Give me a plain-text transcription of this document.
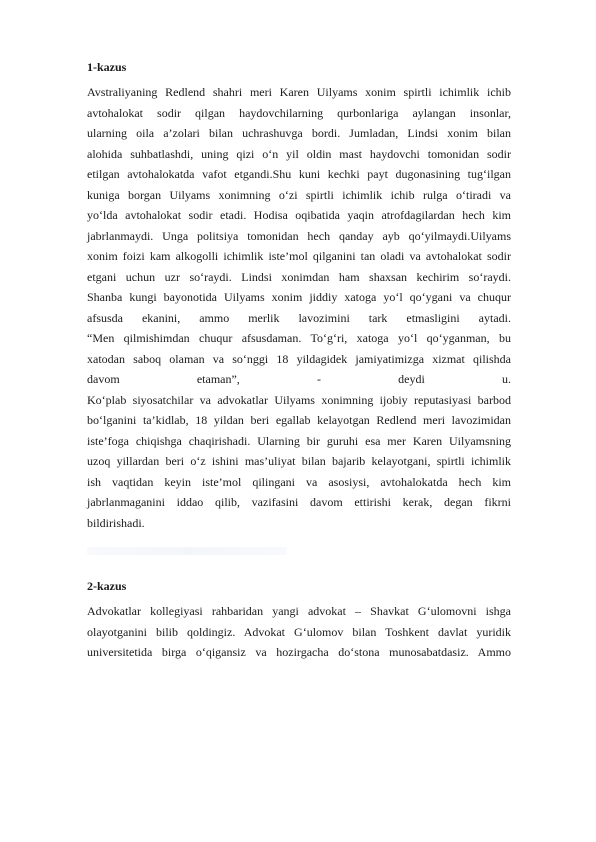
1-kazus
Avstraliyaning Redlend shahri meri Karen Uilyams xonim spirtli ichimlik ichib
avtohalokat sodir qilgan haydovchilarning qurbonlariga aylangan insonlar,
ularning oila a’zolari bilan uchrashuvga bordi. Jumladan, Lindsi xonim bilan
alohida suhbatlashdi, uning qizi o‘n yil oldin mast haydovchi tomonidan sodir
etilgan avtohalokatda vafot etgandi.Shu kuni kechki payt dugonasining tug‘ilgan
kuniga borgan Uilyams xonimning o‘zi spirtli ichimlik ichib rulga o‘tiradi va
yo‘lda avtohalokat sodir etadi. Hodisa oqibatida yaqin atrofdagilardan hech kim
jabrlanmaydi. Unga politsiya tomonidan hech qanday ayb qo‘yilmaydi.Uilyams
xonim foizi kam alkogolli ichimlik iste’mol qilganini tan oladi va avtohalokat sodir
etgani uchun uzr so‘raydi. Lindsi xonimdan ham shaxsan kechirim so‘raydi.
Shanba kungi bayonotida Uilyams xonim jiddiy xatoga yo‘l qo‘ygani va chuqur
afsusda ekanini, ammo merlik lavozimini tark etmasligini aytadi.
“Men qilmishimdan chuqur afsusdaman. To‘g‘ri, xatoga yo‘l qo‘yganman, bu
xatodan saboq olaman va so‘nggi 18 yildagidek jamiyatimizga xizmat qilishda
davom etaman”, - deydi u.
Ko‘plab siyosatchilar va advokatlar Uilyams xonimning ijobiy reputasiyasi barbod
bo‘lganini ta’kidlab, 18 yildan beri egallab kelayotgan Redlend meri lavozimidan
iste’foga chiqishga chaqirishadi. Ularning bir guruhi esa mer Karen Uilyamsning
uzoq yillardan beri o‘z ishini mas’uliyat bilan bajarib kelayotgani, spirtli ichimlik
ish vaqtidan keyin iste’mol qilingani va asosiysi, avtohalokatda hech kim
jabrlanmaganini iddao qilib, vazifasini davom ettirishi kerak, degan fikrni
bildirishadi.
2-kazus
Advokatlar kollegiyasi rahbaridan yangi advokat – Shavkat G‘ulomovni ishga
olayotganini bilib qoldingiz. Advokat G‘ulomov bilan Toshkent davlat yuridik
universitetida birga o‘qigansiz va hozirgacha do‘stona munosabatdasiz. Ammo
